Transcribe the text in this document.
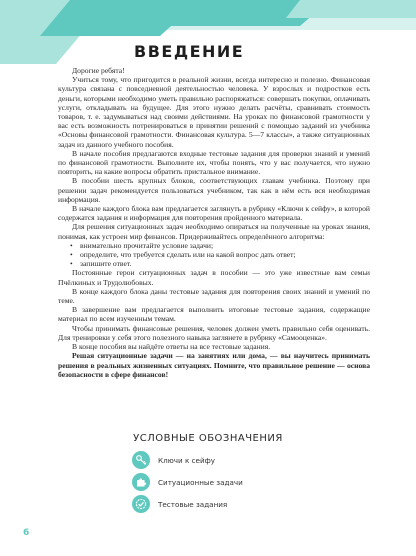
ВВЕДЕНИЕ

Дорогие ребята!

Учиться тому, что пригодится в реальной жизни, всегда интересно и полезно. Финансовая культура связана с повседневной деятельностью человека. У взрослых и подростков есть деньги, которыми необходимо уметь правильно распоряжаться: совершать покупки, оплачивать услуги, откладывать на будущее. Для этого нужно делать расчёты, сравнивать стоимость товаров, т. е. задумываться над своими действиями. На уроках по финансовой грамотности у вас есть возможность потренироваться в принятии решений с помощью заданий из учебника «Основы финансовой грамотности. Финансовая культура. 5—7 классы», а также ситуационных задач из данного учебного пособия.

В начале пособия предлагаются входные тестовые задания для проверки знаний и умений по финансовой грамотности. Выполните их, чтобы понять, что у вас получается, что нужно повторить, на какие вопросы обратить пристальное внимание.

В пособии шесть крупных блоков, соответствующих главам учебника. Поэтому при решении задач рекомендуется пользоваться учебником, так как в нём есть вся необходимая информация.

В начале каждого блока вам предлагается заглянуть в рубрику «Ключи к сейфу», в которой содержатся задания и информация для повторения пройденного материала.

Для решения ситуационных задач необходимо опираться на полученные на уроках знания, понимая, как устроен мир финансов. Придерживайтесь определённого алгоритма:

• внимательно прочитайте условие задачи;
• определите, что требуется сделать или на какой вопрос дать ответ;
• запишите ответ.

Постоянные герои ситуационных задач в пособии — это уже известные вам семьи Пчёлкиных и Трудолюбовых.

В конце каждого блока даны тестовые задания для повторения своих знаний и умений по теме.

В завершение вам предлагается выполнить итоговые тестовые задания, содержащие материал по всем изученным темам.

Чтобы принимать финансовые решения, человек должен уметь правильно себя оценивать. Для тренировки у себя этого полезного навыка заглянете в рубрику «Самооценка».

В конце пособия вы найдёте ответы на все тестовые задания.

Решая ситуационные задачи — на занятиях или дома, — вы научитесь принимать решения в реальных жизненных ситуациях. Помните, что правильное решение — основа безопасности в сфере финансов!

УСЛОВНЫЕ ОБОЗНАЧЕНИЯ
Ключи к сейфу
Ситуационные задачи
Тестовые задания
6
